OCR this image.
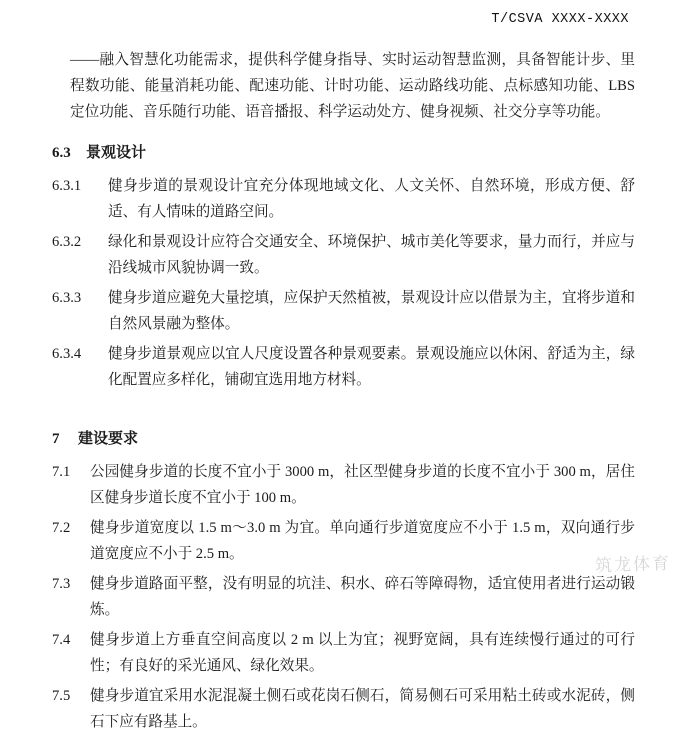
T/CSVA XXXX-XXXX

——融入智慧化功能需求，提供科学健身指导、实时运动智慧监测，具备智能计步、里程数功能、能量消耗功能、配速功能、计时功能、运动路线功能、点标感知功能、LBS 定位功能、音乐随行功能、语音播报、科学运动处方、健身视频、社交分享等功能。

6.3 景观设计
6.3.1	健身步道的景观设计宜充分体现地域文化、人文关怀、自然环境，形成方便、舒适、有人情味的道路空间。
6.3.2	绿化和景观设计应符合交通安全、环境保护、城市美化等要求，量力而行，并应与沿线城市风貌协调一致。
6.3.3	健身步道应避免大量挖填，应保护天然植被，景观设计应以借景为主，宜将步道和自然风景融为整体。
6.3.4	健身步道景观应以宜人尺度设置各种景观要素。景观设施应以休闲、舒适为主，绿化配置应多样化，铺砌宜选用地方材料。
7 建设要求
7.1	公园健身步道的长度不宜小于 3000 m，社区型健身步道的长度不宜小于 300 m，居住区健身步道长度不宜小于 100 m。
7.2	健身步道宽度以 1.5 m～3.0 m 为宜。单向通行步道宽度应不小于 1.5 m，双向通行步道宽度应不小于 2.5 m。
7.3	健身步道路面平整，没有明显的坑洼、积水、碎石等障碍物，适宜使用者进行运动锻炼。
7.4	健身步道上方垂直空间高度以 2 m 以上为宜；视野宽阔，具有连续慢行通过的可行性；有良好的采光通风、绿化效果。
7.5	健身步道宜采用水泥混凝土侧石或花岗石侧石，简易侧石可采用粘土砖或水泥砖，侧石下应有路基上。
筑龙体育
